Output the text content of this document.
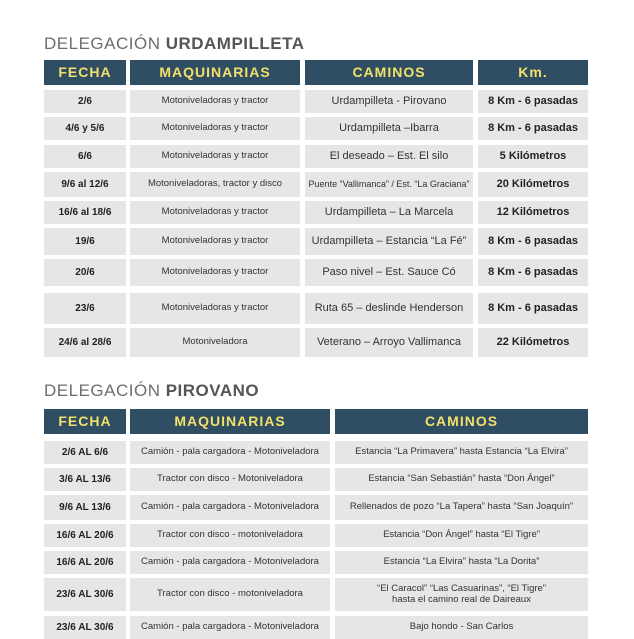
DELEGACIÓN URDAMPILLETA
FECHA	MAQUINARIAS	CAMINOS	Km.
2/6	Motoniveladoras y tractor	Urdampilleta - Pirovano	8 Km - 6 pasadas
4/6 y 5/6	Motoniveladoras y tractor	Urdampilleta –Ibarra	8 Km - 6 pasadas
6/6	Motoniveladoras y tractor	El deseado – Est. El silo	5 Kilómetros
9/6 al 12/6	Motoniveladoras, tractor y disco	Puente “Vallimanca” / Est. “La Graciana”	20 Kilómetros
16/6 al 18/6	Motoniveladoras y tractor	Urdampilleta – La Marcela	12 Kilómetros
19/6	Motoniveladoras y tractor	Urdampilleta – Estancia “La Fé”	8 Km - 6 pasadas
20/6	Motoniveladoras y tractor	Paso nivel – Est. Sauce Có	8 Km - 6 pasadas
23/6	Motoniveladoras y tractor	Ruta 65 – deslinde Henderson	8 Km - 6 pasadas
24/6 al 28/6	Motoniveladora	Veterano – Arroyo Vallimanca	22 Kilómetros
DELEGACIÓN PIROVANO
FECHA	MAQUINARIAS	CAMINOS
2/6 AL 6/6	Camión - pala cargadora - Motoniveladora	Estancia “La Primavera” hasta Estancia “La Elvira”
3/6 AL 13/6	Tractor con disco - Motoniveladora	Estancia “San Sebastián” hasta “Don Ángel”
9/6 AL 13/6	Camión - pala cargadora - Motoniveladora	Rellenados de pozo “La Tapera” hasta “San Joaquín”
16/6 AL 20/6	Tractor con disco - motoniveladora	Estancia “Don Ángel” hasta “El Tigre”
16/6 AL 20/6	Camión - pala cargadora - Motoniveladora	Estancia “La Elvira” hasta “La Dorita”
23/6 AL 30/6	Tractor con disco - motoniveladora	“El Caracol” “Las Casuarinas”, “El Tigre”
hasta el camino real de Daireaux
23/6 AL 30/6	Camión - pala cargadora - Motoniveladora	Bajo hondo - San Carlos
